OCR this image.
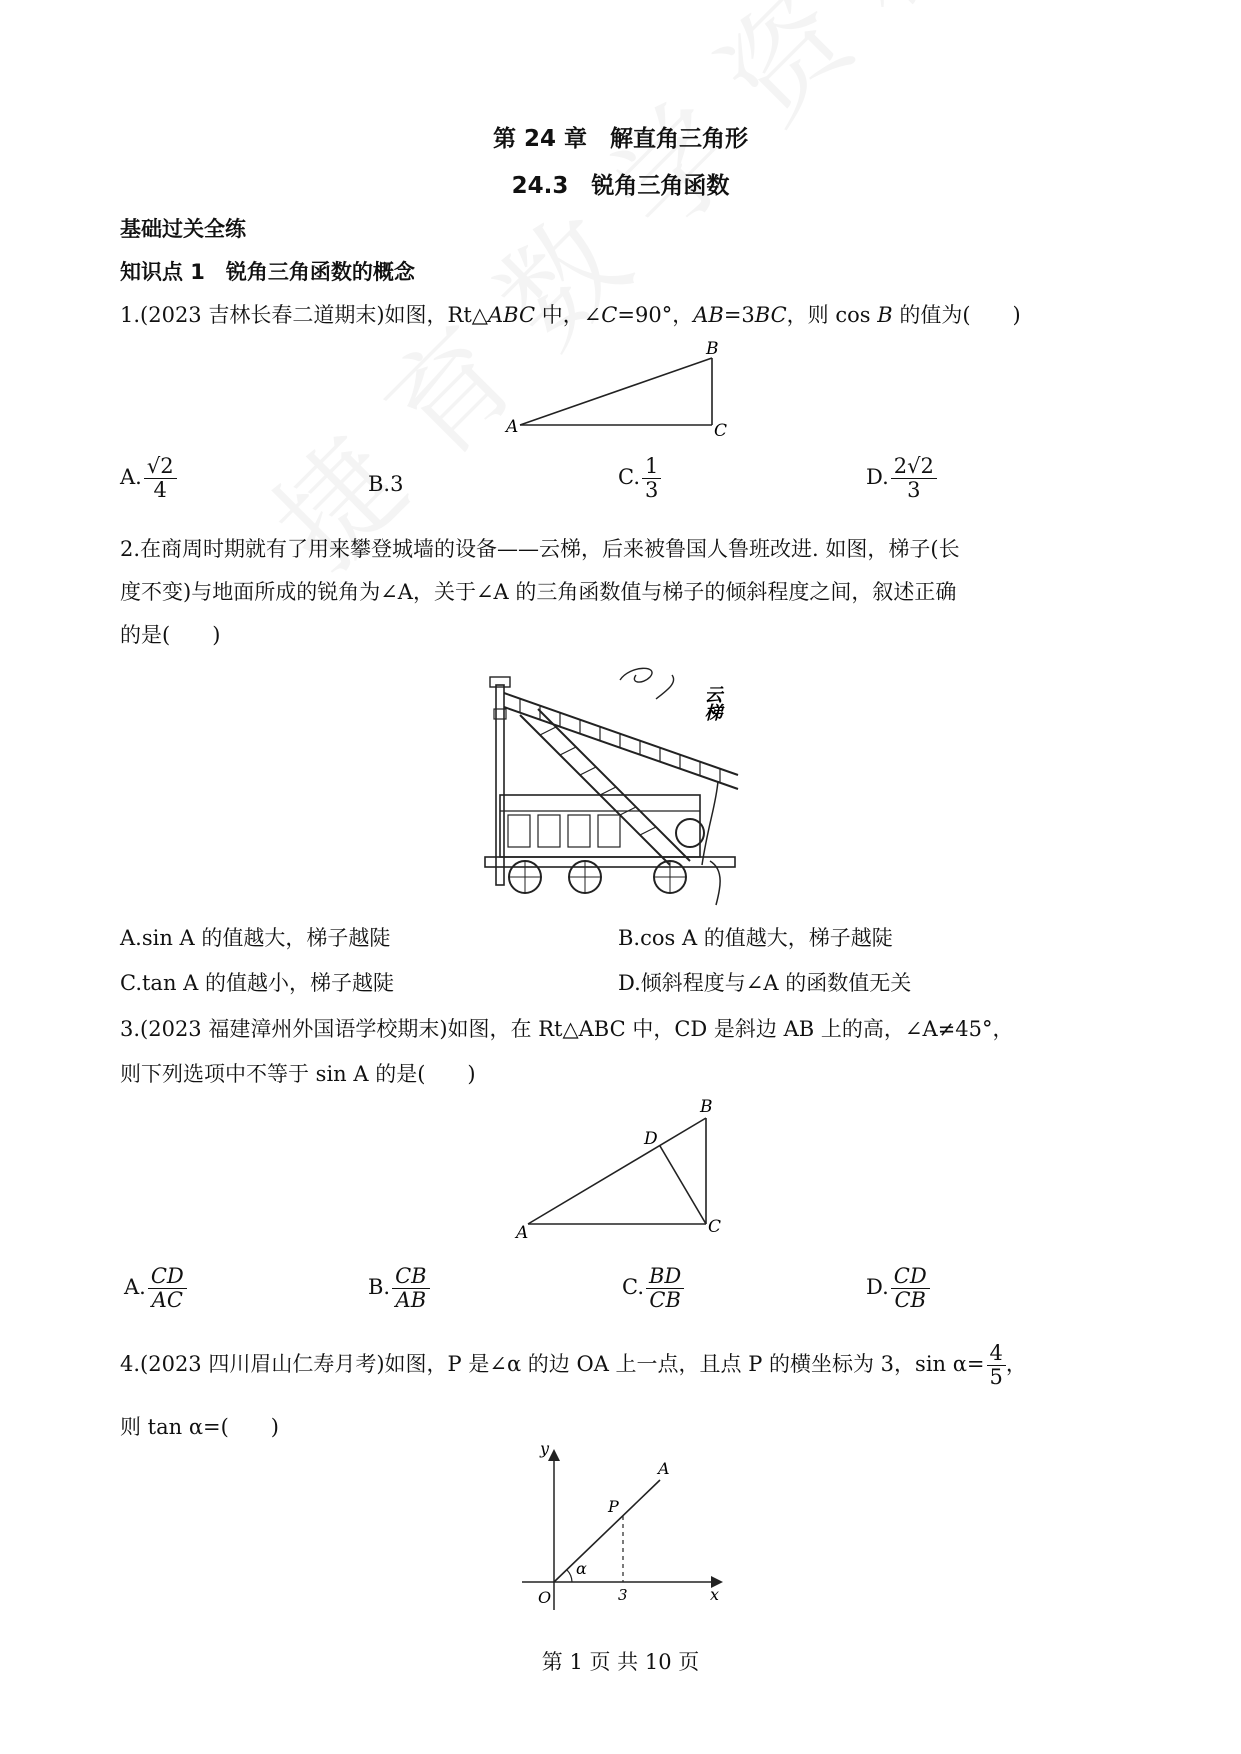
第 24 章　解直角三角形
24.3　锐角三角函数
基础过关全练
知识点 1　锐角三角函数的概念
1.(2023 吉林长春二道期末)如图，Rt△ABC 中，∠C=90°，AB=3BC，则 cos B 的值为(　　)
A	C
B
A. $\frac{√2}{4}$	B.3	C. $\frac{1}{3}$	D. $\frac{2√2}{3}$
2.在商周时期就有了用来攀登城墙的设备——云梯，后来被鲁国人鲁班改进. 如图，梯子(长
度不变)与地面所成的锐角为∠A，关于∠A 的三角函数值与梯子的倾斜程度之间，叙述正确
的是(　　)
云梯
A.sin A 的值越大，梯子越陡	B.cos A 的值越大，梯子越陡
C.tan A 的值越小，梯子越陡	D.倾斜程度与∠A 的函数值无关
3.(2023 福建漳州外国语学校期末)如图，在 Rt△ABC 中，CD 是斜边 AB 上的高，∠A≠45°，
则下列选项中不等于 sin A 的是(　　)
A	C
B
D
A. $\frac{CD}{AC}$	B. $\frac{CB}{AB}$	C. $\frac{BD}{CB}$	D. $\frac{CD}{CB}$
4.(2023 四川眉山仁寿月考)如图，P 是∠α 的边 OA 上一点，且点 P 的横坐标为 3，$\sin \alpha= \frac{4}{5}$ ，
则 tan α=(　　)
y
x
O
A
P
α
3
第 1 页 共 10 页
